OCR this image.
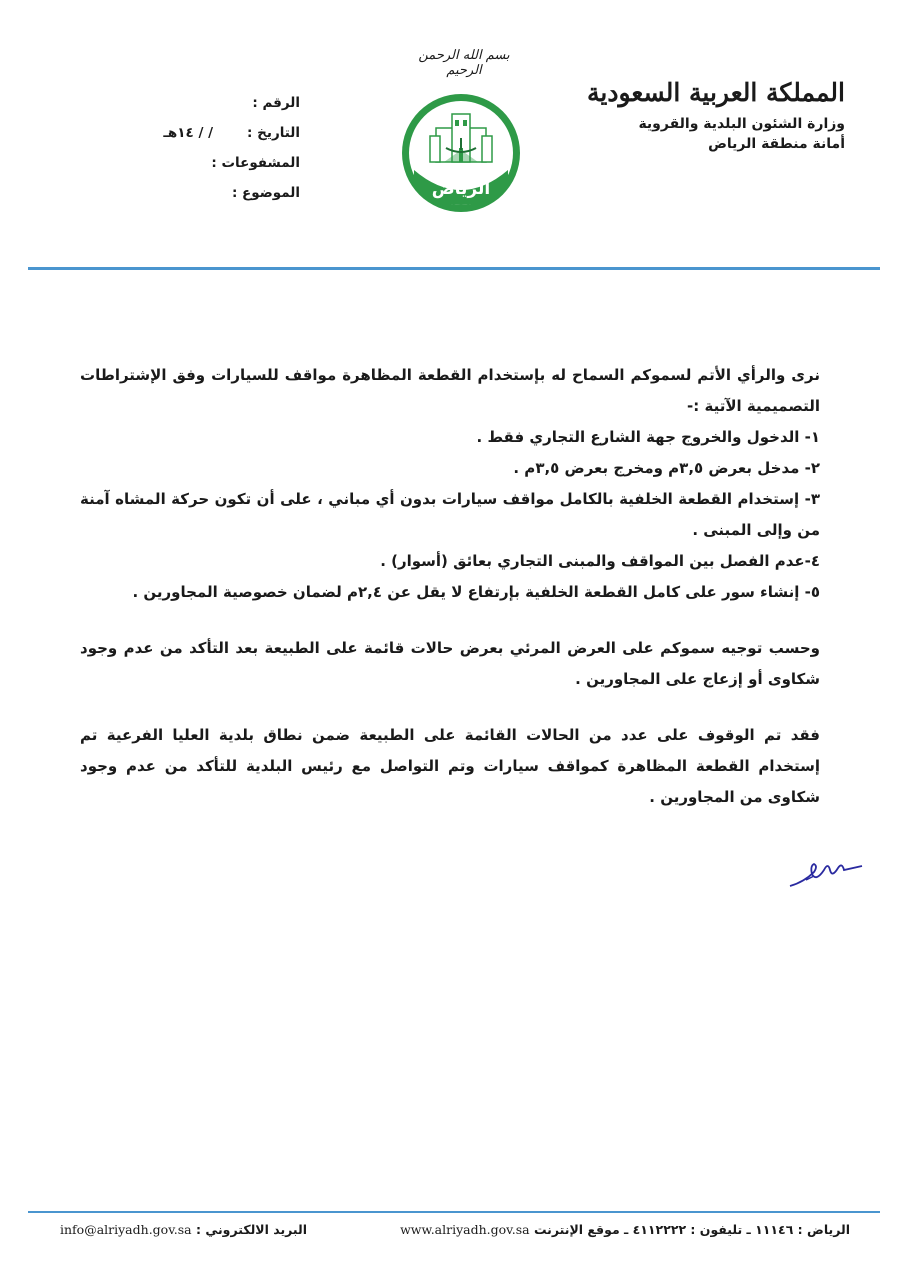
المملكة العربية السعودية
وزارة الشئون البلدية والقروية
أمانة منطقة الرياض
بسم الله الرحمن الرحيم
الرياض
الرقم :
التاريخ :/ / ١٤هـ
المشفوعات :
الموضوع :

نرى والرأي الأتم لسموكم السماح له بإستخدام القطعة المظاهرة مواقف للسيارات وفق الإشتراطات التصميمية الآتية :-

١- الدخول والخروج جهة الشارع التجاري فقط .

٢- مدخل بعرض ٣,٥م ومخرج بعرض ٣,٥م .

٣- إستخدام القطعة الخلفية بالكامل مواقف سيارات بدون أي مباني ، على أن تكون حركة المشاه آمنة من وإلى المبنى .

٤-عدم الفصل بين المواقف والمبنى التجاري بعائق (أسوار) .

٥- إنشاء سور على كامل القطعة الخلفية بإرتفاع لا يقل عن ٢,٤م لضمان خصوصية المجاورين .

وحسب توجيه سموكم على العرض المرئي بعرض حالات قائمة على الطبيعة بعد التأكد من عدم وجود شكاوى أو إزعاج على المجاورين .

فقد تم الوقوف على عدد من الحالات القائمة على الطبيعة ضمن نطاق بلدية العليا الفرعية تم إستخدام القطعة المظاهرة كمواقف سيارات وتم التواصل مع رئيس البلدية للتأكد من عدم وجود شكاوى من المجاورين .

الرياض : ١١١٤٦ ـ تليفون : ٤١١٢٢٢٢ ـ موقع الإنترنت www.alriyadh.gov.sa
البريد الالكتروني : info@alriyadh.gov.sa
